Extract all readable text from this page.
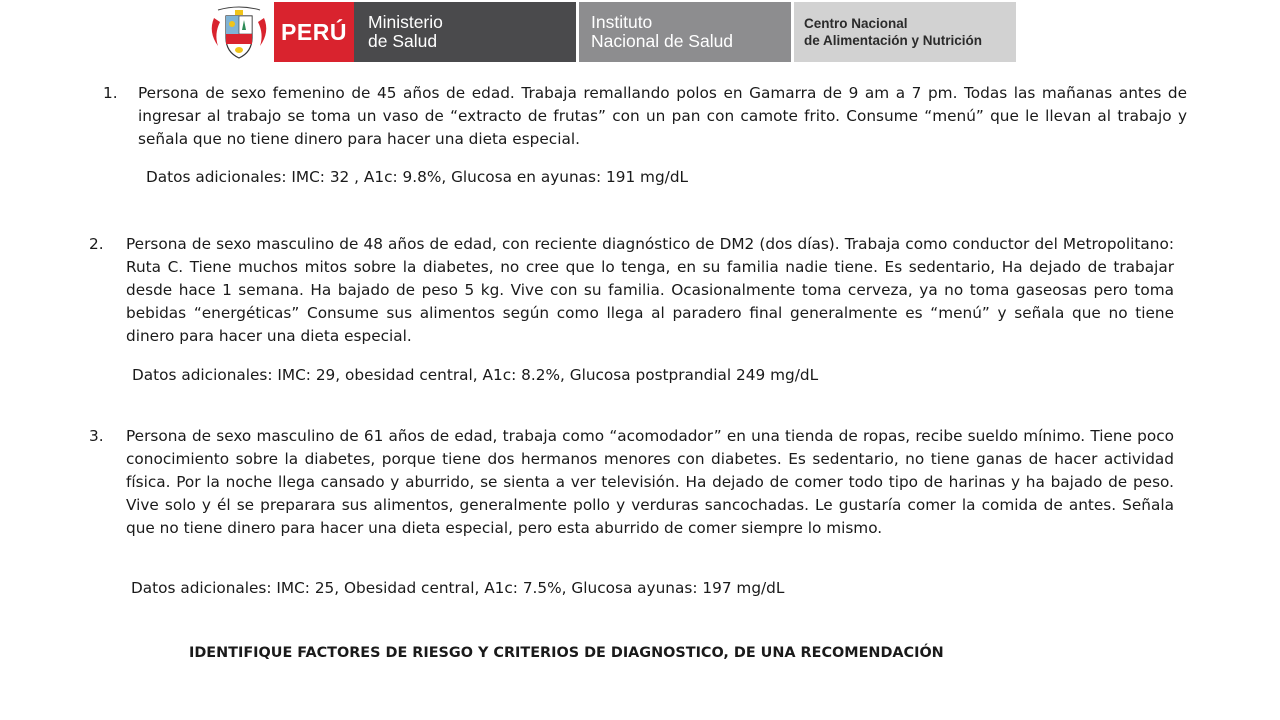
PERÚ	Ministerio
de Salud
Instituto
Nacional de Salud
Centro Nacional
de Alimentación y Nutrición
1. Persona de sexo femenino de 45 años de edad. Trabaja remallando polos en Gamarra de 9 am a 7 pm. Todas las mañanas antes de ingresar al trabajo se toma un vaso de “extracto de frutas” con un pan con camote frito. Consume “menú” que le llevan al trabajo y señala que no tiene dinero para hacer una dieta especial.
Datos adicionales: IMC: 32 , A1c: 9.8%, Glucosa en ayunas: 191 mg/dL
2. Persona de sexo masculino de 48 años de edad, con reciente diagnóstico de DM2 (dos días). Trabaja como conductor del Metropolitano: Ruta C. Tiene muchos mitos sobre la diabetes, no cree que lo tenga, en su familia nadie tiene. Es sedentario, Ha dejado de trabajar desde hace 1 semana. Ha bajado de peso 5 kg. Vive con su familia. Ocasionalmente toma cerveza, ya no toma gaseosas pero toma bebidas “energéticas” Consume sus alimentos según como llega al paradero final generalmente es “menú” y señala que no tiene dinero para hacer una dieta especial.
Datos adicionales: IMC: 29, obesidad central, A1c: 8.2%, Glucosa postprandial 249 mg/dL
3. Persona de sexo masculino de 61 años de edad, trabaja como “acomodador” en una tienda de ropas, recibe sueldo mínimo. Tiene poco conocimiento sobre la diabetes, porque tiene dos hermanos menores con diabetes. Es sedentario, no tiene ganas de hacer actividad física. Por la noche llega cansado y aburrido, se sienta a ver televisión. Ha dejado de comer todo tipo de harinas y ha bajado de peso. Vive solo y él se preparara sus alimentos, generalmente pollo y verduras sancochadas. Le gustaría comer la comida de antes. Señala que no tiene dinero para hacer una dieta especial, pero esta aburrido de comer siempre lo mismo.
Datos adicionales: IMC: 25, Obesidad central, A1c: 7.5%, Glucosa ayunas: 197 mg/dL
IDENTIFIQUE FACTORES DE RIESGO Y CRITERIOS DE DIAGNOSTICO, DE UNA RECOMENDACIÓN
